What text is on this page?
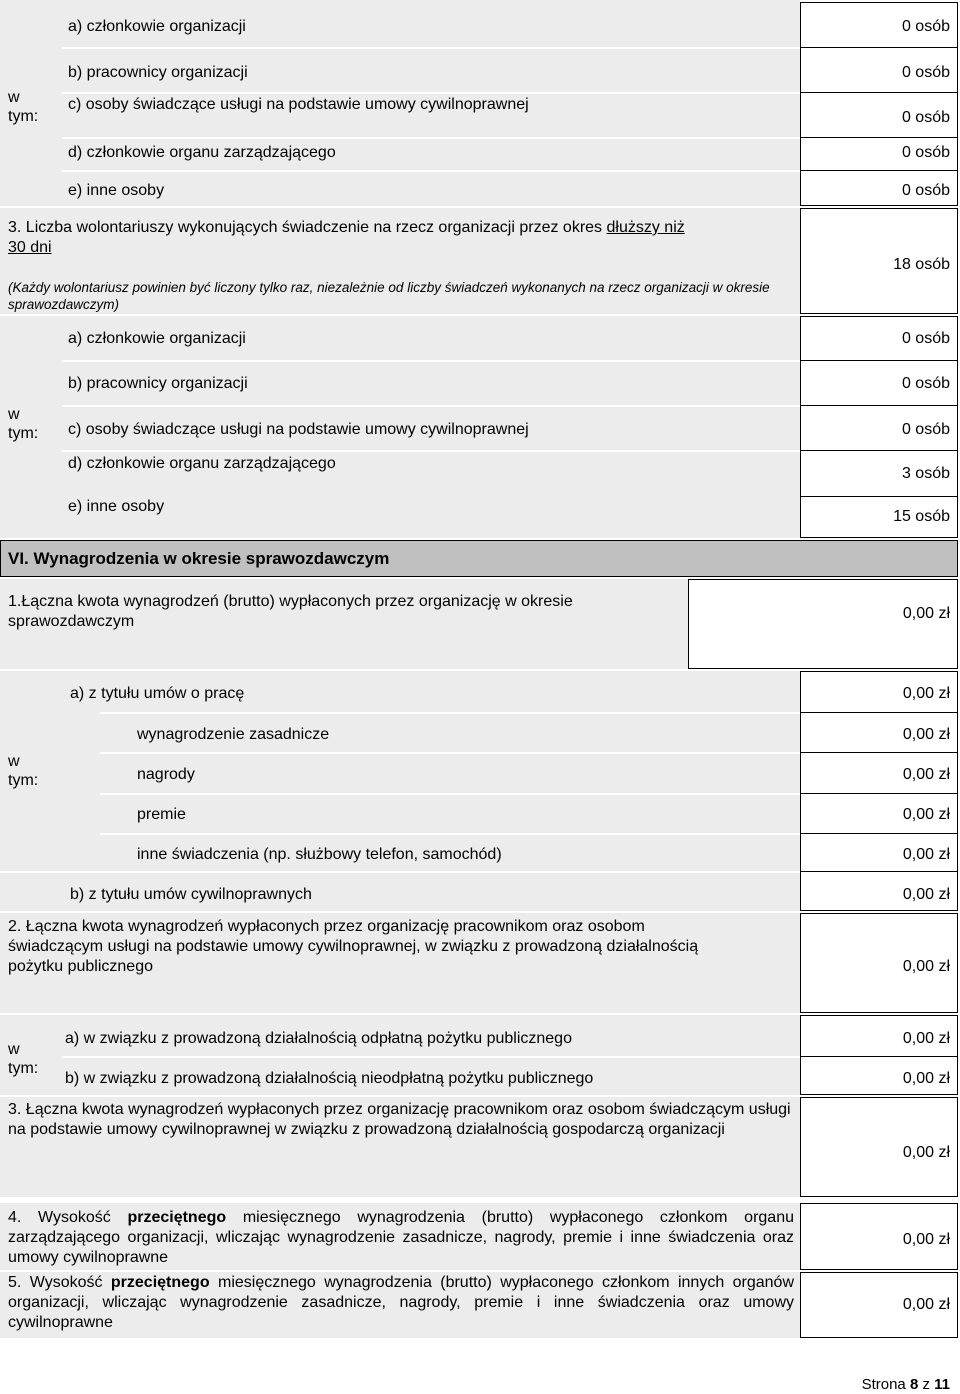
w
tym:
a) członkowie organizacji
b) pracownicy organizacji
c) osoby świadczące usługi na podstawie umowy cywilnoprawnej
d) członkowie organu zarządzającego
e) inne osoby
0 osób
0 osób
0 osób
0 osób
0 osób
3. Liczba wolontariuszy wykonujących świadczenie na rzecz organizacji przez okres dłuższy niż
30 dni
(Każdy wolontariusz powinien być liczony tylko raz, niezależnie od liczby świadczeń wykonanych na rzecz organizacji w okresie sprawozdawczym)
18 osób
w
tym:
a) członkowie organizacji
b) pracownicy organizacji
c) osoby świadczące usługi na podstawie umowy cywilnoprawnej
d) członkowie organu zarządzającego
e) inne osoby
0 osób
0 osób
0 osób
3 osób
15 osób
VI. Wynagrodzenia w okresie sprawozdawczym
1.Łączna kwota wynagrodzeń (brutto) wypłaconych przez organizację w okresie sprawozdawczym	0,00 zł
w
tym:
a) z tytułu umów o pracę
wynagrodzenie zasadnicze
nagrody
premie
inne świadczenia (np. służbowy telefon, samochód)
b) z tytułu umów cywilnoprawnych
0,00 zł
0,00 zł
0,00 zł
0,00 zł
0,00 zł
0,00 zł
2. Łączna kwota wynagrodzeń wypłaconych przez organizację pracownikom oraz osobom świadczącym usługi na podstawie umowy cywilnoprawnej, w związku z prowadzoną działalnością pożytku publicznego	0,00 zł
w
tym:
a) w związku z prowadzoną działalnością odpłatną pożytku publicznego
b) w związku z prowadzoną działalnością nieodpłatną pożytku publicznego
0,00 zł
0,00 zł
3. Łączna kwota wynagrodzeń wypłaconych przez organizację pracownikom oraz osobom świadczącym usługi na podstawie umowy cywilnoprawnej w związku z prowadzoną działalnością gospodarczą organizacji
0,00 zł
4. Wysokość przeciętnego miesięcznego wynagrodzenia (brutto) wypłaconego członkom organu zarządzającego organizacji, wliczając wynagrodzenie zasadnicze, nagrody, premie i inne świadczenia oraz umowy cywilnoprawne
0,00 zł
5. Wysokość przeciętnego miesięcznego wynagrodzenia (brutto) wypłaconego członkom innych organów organizacji, wliczając wynagrodzenie zasadnicze, nagrody, premie i inne świadczenia oraz umowy cywilnoprawne
0,00 zł
Strona 8 z 11
